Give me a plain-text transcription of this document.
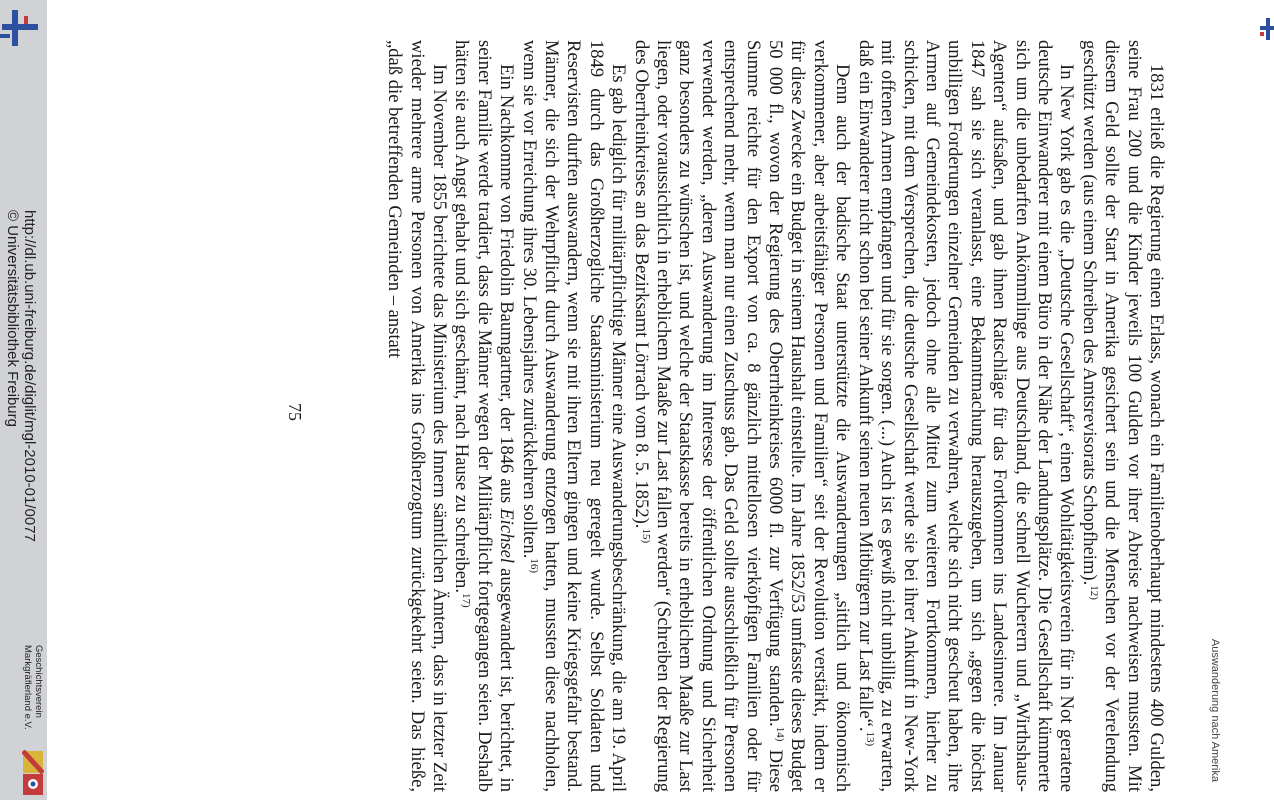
Auswanderung nach Amerika

1831 erließ die Regierung einen Erlass, wonach ein Familienoberhaupt mindestens 400 Gulden, seine Frau 200 und die Kinder jeweils 100 Gulden vor ihrer Abreise nachweisen mussten. Mit diesem Geld sollte der Start in Amerika gesichert sein und die Menschen vor der Verelendung geschützt werden (aus einem Schreiben des Amtsrevisorats Schopfheim).$^{12)}$

In New York gab es die „Deutsche Gesellschaft“, einen Wohltätigkeitsverein für in Not geratene deutsche Einwanderer mit einem Büro in der Nähe der Landungsplätze. Die Gesellschaft kümmerte sich um die unbedarften Ankömmlinge aus Deutschland, die schnell Wucherern und „Wirthshaus-Agenten“ aufsaßen, und gab ihnen Ratschläge für das Fortkommen ins Landesinnere. Im Januar 1847 sah sie sich veranlasst, eine Bekanntmachung herauszugeben, um sich „gegen die höchst unbilligen Forderungen einzelner Gemeinden zu verwahren, welche sich nicht gescheut haben, ihre Armen auf Gemeindekosten, jedoch ohne alle Mittel zum weiteren Fortkommen, hierher zu schicken, mit dem Versprechen, die deutsche Gesellschaft werde sie bei ihrer Ankunft in New-York mit offenen Armen empfangen und für sie sorgen. (...) Auch ist es gewiß nicht unbillig, zu erwarten, daß ein Einwanderer nicht schon bei seiner Ankunft seinen neuen Mitbürgern zur Last falle“.$^{13)}$

Denn auch der badische Staat unterstützte die Auswanderungen „sittlich und ökonomisch verkommener, aber arbeitsfähiger Personen und Familien“ seit der Revolution verstärkt, indem er für diese Zwecke ein Budget in seinem Haushalt einstellte. Im Jahre 1852/53 umfasste dieses Budget 50 000 fl., wovon der Regierung des Oberrheinkreises 6000 fl. zur Verfügung standen.$^{14)}$ Diese Summe reichte für den Export von ca. 8 gänzlich mittellosen vierköpfigen Familien oder für entsprechend mehr, wenn man nur einen Zuschuss gab. Das Geld sollte ausschließlich für Personen verwendet werden, „deren Auswanderung im Interesse der öffentlichen Ordnung und Sicherheit ganz besonders zu wünschen ist, und welche der Staatskasse bereits in erheblichem Maaße zur Last liegen, oder voraussichtlich in erheblichem Maaße zur Last fallen werden“ (Schreiben der Regierung des Oberrheinkreises an das Bezirksamt Lörrach vom 8. 5. 1852).$^{15)}$

Es gab lediglich für militärpflichtige Männer eine Auswanderungsbeschränkung, die am 19. April 1849 durch das Großherzogliche Staatsministerium neu geregelt wurde. Selbst Soldaten und Reservisten durften auswandern, wenn sie mit ihren Eltern gingen und keine Kriegsgefahr bestand. Männer, die sich der Wehrpflicht durch Auswanderung entzogen hatten, mussten diese nachholen, wenn sie vor Erreichung ihres 30. Lebensjahres zurückkehren sollten.$^{16)}$

Ein Nachkomme von Friedolin Baumgartner, der 1846 aus Eichsel ausgewandert ist, berichtet, in seiner Familie werde tradiert, dass die Männer wegen der Militärpflicht fortgegangen seien. Deshalb hätten sie auch Angst gehabt und sich geschämt, nach Hause zu schreiben.$^{17)}$

Im November 1855 berichtete das Ministerium des Innern sämtlichen Ämtern, dass in letzter Zeit wieder mehrere arme Personen von Amerika ins Großherzogtum zurückgekehrt seien. Das hieße, „daß die betreffenden Gemeinden – anstatt

75
http://dl.ub.uni-freiburg.de/diglit/mgl-2010-01/0077
© Universitätsbibliothek Freiburg
Geschichtsverein
Markgräflerland e.V.
